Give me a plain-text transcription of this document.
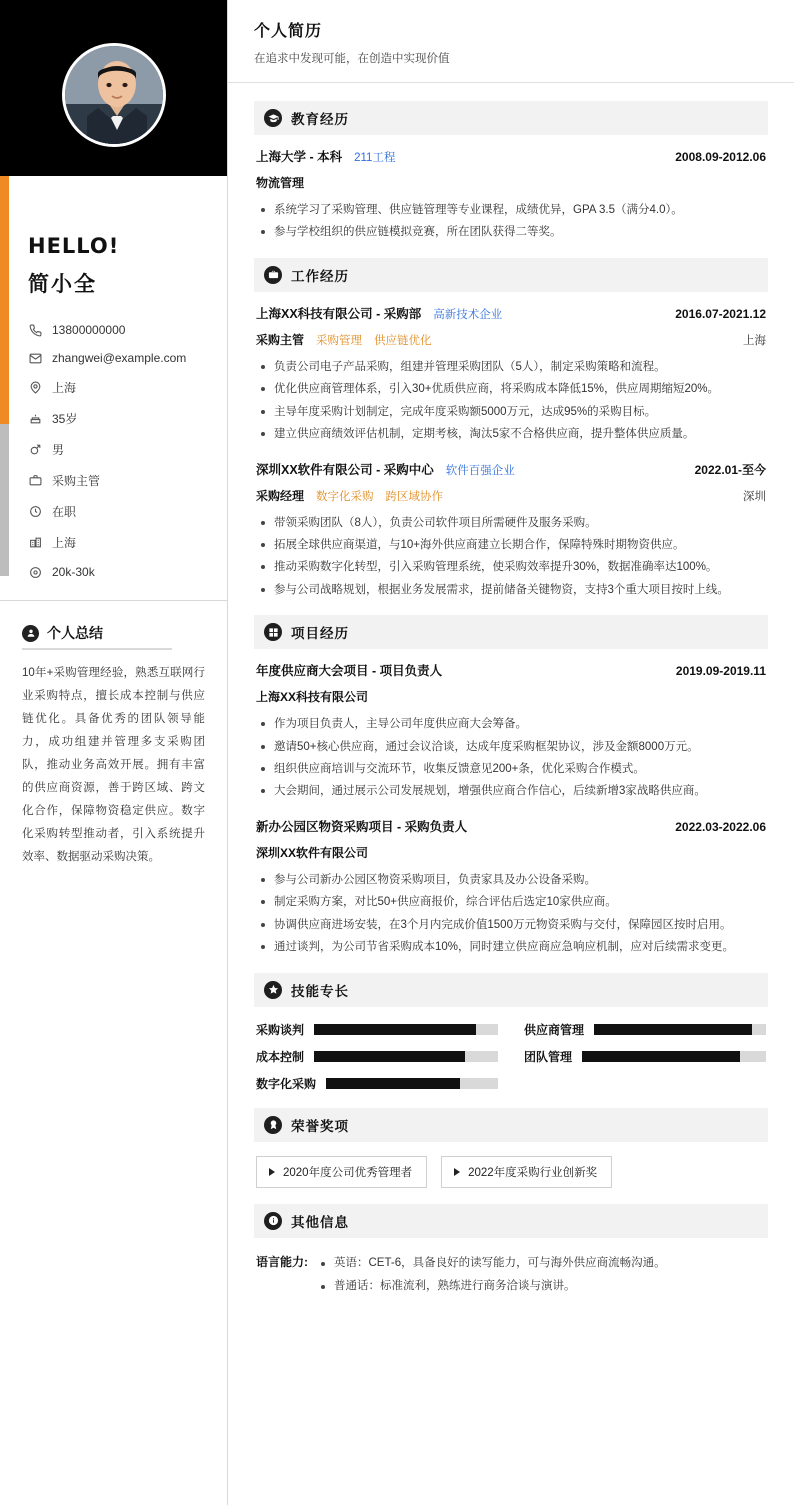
HELLO!
简小全
13800000000
zhangwei@example.com
上海
35岁
男
采购主管
在职
上海
20k-30k
个人总结

10年+采购管理经验，熟悉互联网行业采购特点，擅长成本控制与供应链优化。具备优秀的团队领导能力，成功组建并管理多支采购团队，推动业务高效开展。拥有丰富的供应商资源，善于跨区域、跨文化合作，保障物资稳定供应。数字化采购转型推动者，引入系统提升效率、数据驱动采购决策。

个人简历
在追求中发现可能，在创造中实现价值
教育经历
上海大学 - 本科 211工程	2008.09-2012.06
物流管理
系统学习了采购管理、供应链管理等专业课程，成绩优异，GPA 3.5（满分4.0）。
参与学校组织的供应链模拟竞赛，所在团队获得二等奖。
工作经历
上海XX科技有限公司 - 采购部 高新技术企业	2016.07-2021.12
采购主管 采购管理 供应链优化	上海
负责公司电子产品采购，组建并管理采购团队（5人），制定采购策略和流程。
优化供应商管理体系，引入30+优质供应商，将采购成本降低15%，供应周期缩短20%。
主导年度采购计划制定，完成年度采购额5000万元，达成95%的采购目标。
建立供应商绩效评估机制，定期考核，淘汰5家不合格供应商，提升整体供应质量。
深圳XX软件有限公司 - 采购中心 软件百强企业	2022.01-至今
采购经理 数字化采购 跨区域协作	深圳
带领采购团队（8人），负责公司软件项目所需硬件及服务采购。
拓展全球供应商渠道，与10+海外供应商建立长期合作，保障特殊时期物资供应。
推动采购数字化转型，引入采购管理系统，使采购效率提升30%，数据准确率达100%。
参与公司战略规划，根据业务发展需求，提前储备关键物资，支持3个重大项目按时上线。
项目经历
年度供应商大会项目 - 项目负责人	2019.09-2019.11
上海XX科技有限公司
作为项目负责人，主导公司年度供应商大会筹备。
邀请50+核心供应商，通过会议洽谈，达成年度采购框架协议，涉及金额8000万元。
组织供应商培训与交流环节，收集反馈意见200+条，优化采购合作模式。
大会期间，通过展示公司发展规划，增强供应商合作信心，后续新增3家战略供应商。
新办公园区物资采购项目 - 采购负责人	2022.03-2022.06
深圳XX软件有限公司
参与公司新办公园区物资采购项目，负责家具及办公设备采购。
制定采购方案，对比50+供应商报价，综合评估后选定10家供应商。
协调供应商进场安装，在3个月内完成价值1500万元物资采购与交付，保障园区按时启用。
通过谈判，为公司节省采购成本10%，同时建立供应商应急响应机制，应对后续需求变更。
技能专长
采购谈判	供应商管理
成本控制	团队管理
数字化采购
荣誉奖项
2020年度公司优秀管理者	2022年度采购行业创新奖
其他信息
语言能力:	英语：CET-6，具备良好的读写能力，可与海外供应商流畅沟通。
普通话：标准流利，熟练进行商务洽谈与演讲。
